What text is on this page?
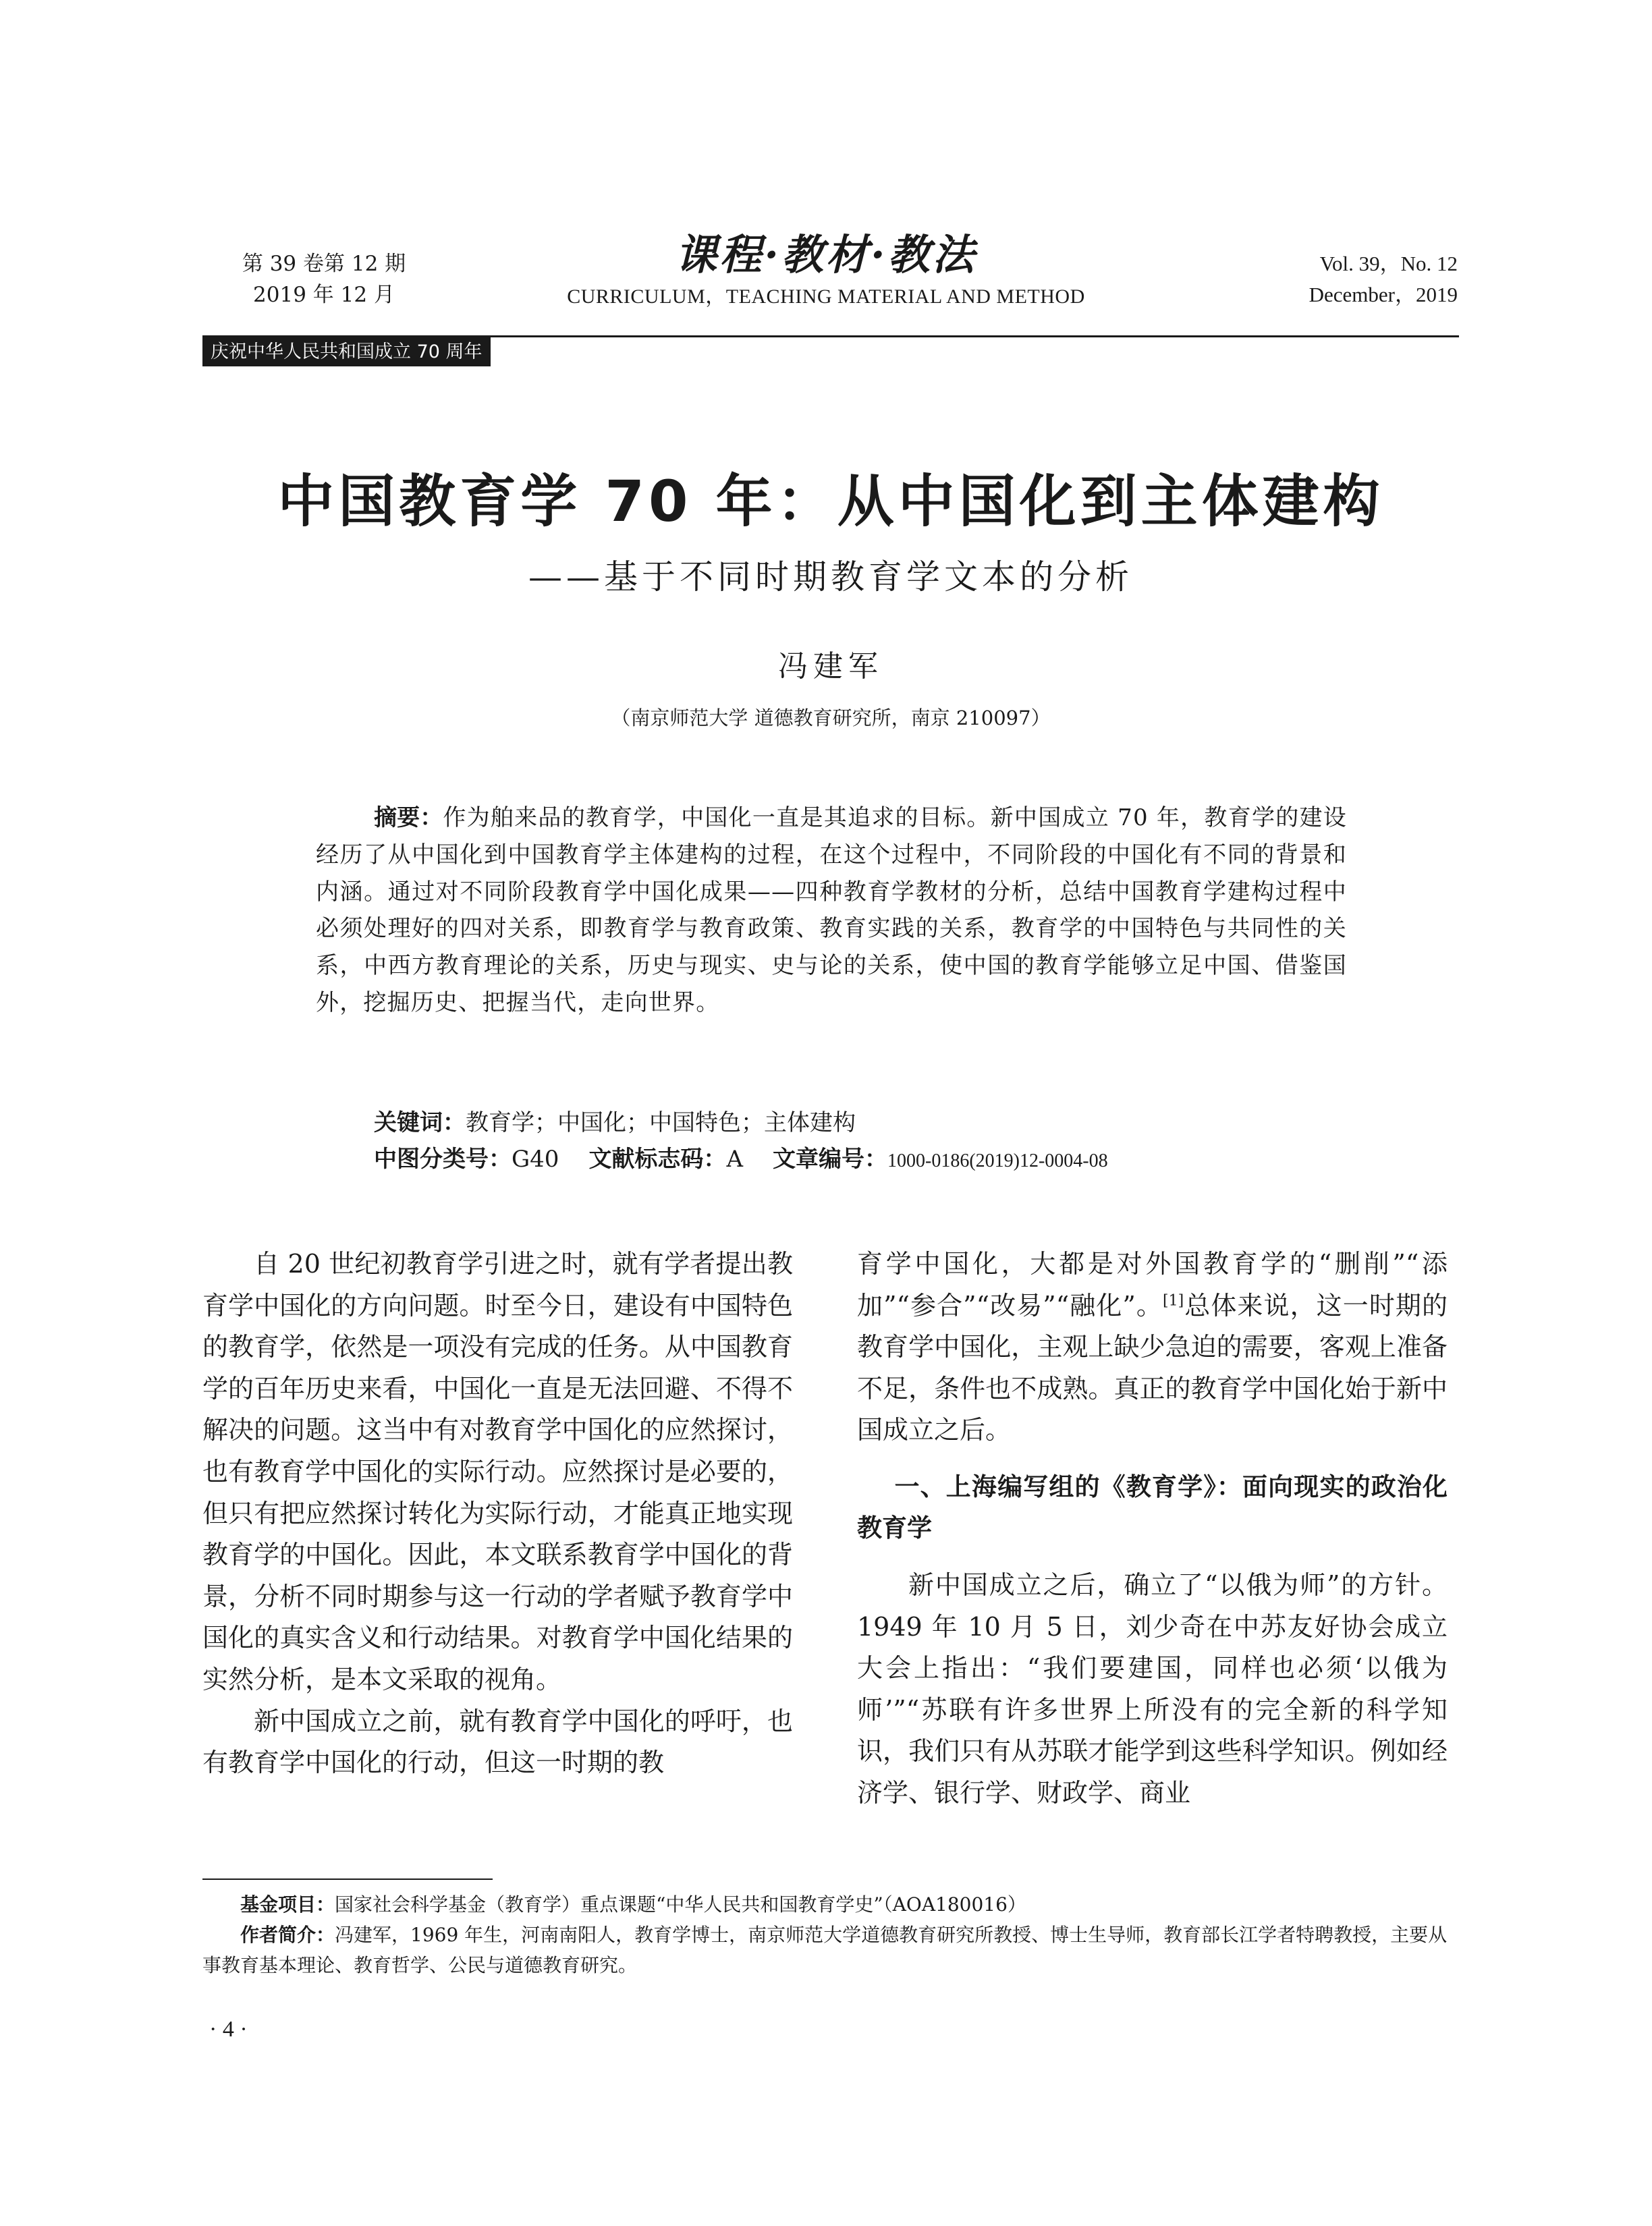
第 39 卷第 12 期
2019 年 12 月
课程·教材·教法
CURRICULUM，TEACHING MATERIAL AND METHOD
Vol. 39，No. 12
December，2019
庆祝中华人民共和国成立 70 周年
中国教育学 70 年：从中国化到主体建构
——基于不同时期教育学文本的分析
冯建军
（南京师范大学 道德教育研究所，南京 210097）
摘要：作为舶来品的教育学，中国化一直是其追求的目标。新中国成立 70 年，教育学的建设经历了从中国化到中国教育学主体建构的过程，在这个过程中，不同阶段的中国化有不同的背景和内涵。通过对不同阶段教育学中国化成果——四种教育学教材的分析，总结中国教育学建构过程中必须处理好的四对关系，即教育学与教育政策、教育实践的关系，教育学的中国特色与共同性的关系，中西方教育理论的关系，历史与现实、史与论的关系，使中国的教育学能够立足中国、借鉴国外，挖掘历史、把握当代，走向世界。
关键词：教育学；中国化；中国特色；主体建构
中图分类号：G40 文献标志码：A 文章编号：1000-0186(2019)12-0004-08

自 20 世纪初教育学引进之时，就有学者提出教育学中国化的方向问题。时至今日，建设有中国特色的教育学，依然是一项没有完成的任务。从中国教育学的百年历史来看，中国化一直是无法回避、不得不解决的问题。这当中有对教育学中国化的应然探讨，也有教育学中国化的实际行动。应然探讨是必要的，但只有把应然探讨转化为实际行动，才能真正地实现教育学的中国化。因此，本文联系教育学中国化的背景，分析不同时期参与这一行动的学者赋予教育学中国化的真实含义和行动结果。对教育学中国化结果的实然分析，是本文采取的视角。

新中国成立之前，就有教育学中国化的呼吁，也有教育学中国化的行动，但这一时期的教

育学中国化，大都是对外国教育学的“删削”“添加”“参合”“改易”“融化”。[1]总体来说，这一时期的教育学中国化，主观上缺少急迫的需要，客观上准备不足，条件也不成熟。真正的教育学中国化始于新中国成立之后。

一、上海编写组的《教育学》：面向现实的政治化教育学

新中国成立之后，确立了“以俄为师”的方针。1949 年 10 月 5 日，刘少奇在中苏友好协会成立大会上指出：“我们要建国，同样也必须‘以俄为师’”“苏联有许多世界上所没有的完全新的科学知识，我们只有从苏联才能学到这些科学知识。例如经济学、银行学、财政学、商业

基金项目：国家社会科学基金（教育学）重点课题“中华人民共和国教育学史”（AOA180016）

作者简介：冯建军，1969 年生，河南南阳人，教育学博士，南京师范大学道德教育研究所教授、博士生导师，教育部长江学者特聘教授，主要从事教育基本理论、教育哲学、公民与道德教育研究。

· 4 ·
